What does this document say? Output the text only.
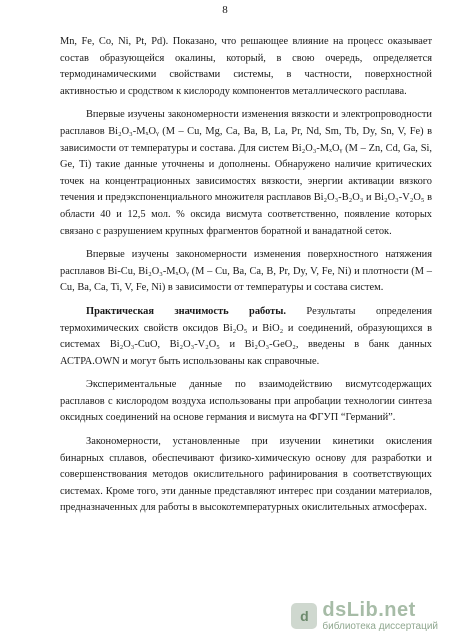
8

Mn, Fe, Co, Ni, Pt, Pd). Показано, что решающее влияние на процесс оказывает состав образующейся окалины, который, в свою очередь, определяется термодинамическими свойствами системы, в частности, поверхностной активностью и сродством к кислороду компонентов металлического расплава.

Впервые изучены закономерности изменения вязкости и электропроводности расплавов Bi₂O₃-MₓOᵧ (M – Cu, Mg, Ca, Ba, B, La, Pr, Nd, Sm, Tb, Dy, Sn, V, Fe) в зависимости от температуры и состава. Для систем Bi₂O₃-MₓOᵧ (M – Zn, Cd, Ga, Si, Ge, Ti) такие данные уточнены и дополнены. Обнаружено наличие критических точек на концентрационных зависимостях вязкости, энергии активации вязкого течения и предэкспоненциального множителя расплавов Bi₂O₃-B₂O₃ и Bi₂O₃-V₂O₅ в области 40 и 12,5 мол. % оксида висмута соответственно, появление которых связано с разрушением крупных фрагментов боратной и ванадатной сеток.

Впервые изучены закономерности изменения поверхностного натяжения расплавов Bi-Cu, Bi₂O₃-MₓOᵧ (M – Cu, Ba, Ca, B, Pr, Dy, V, Fe, Ni) и плотности (M – Cu, Ba, Ca, Ti, V, Fe, Ni) в зависимости от температуры и состава систем.

Практическая значимость работы. Результаты определения термохимических свойств оксидов Bi₂O₅ и BiO₂ и соединений, образующихся в системах Bi₂O₃-CuO, Bi₂O₃-V₂O₅ и Bi₂O₃-GeO₂, введены в банк данных АСТРА.OWN и могут быть использованы как справочные.

Экспериментальные данные по взаимодействию висмутсодержащих расплавов с кислородом воздуха использованы при апробации технологии синтеза оксидных соединений на основе германия и висмута на ФГУП “Германий”.

Закономерности, установленные при изучении кинетики окисления бинарных сплавов, обеспечивают физико-химическую основу для разработки и совершенствования методов окислительного рафинирования в соответствующих системах. Кроме того, эти данные представляют интерес при создании материалов, предназначенных для работы в высокотемпературных окислительных атмосферах.

d dsLib.net
библиотека диссертаций
